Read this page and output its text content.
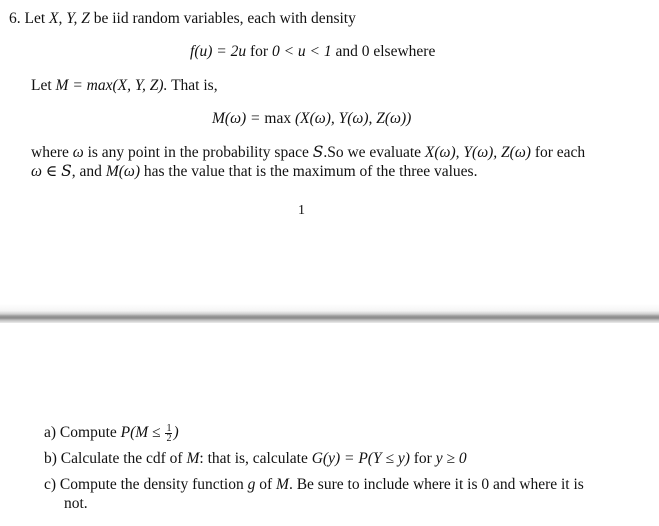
6. Let X, Y, Z be iid random variables, each with density
f(u) = 2u for 0 < u < 1 and 0 elsewhere
Let M = max(X, Y, Z). That is,
M(ω) = max (X(ω), Y(ω), Z(ω))
where ω is any point in the probability space S.So we evaluate X(ω), Y(ω), Z(ω) for each
ω ∈ S, and M(ω) has the value that is the maximum of the three values.
1
a) Compute $P(M \le \frac{1}{2}$ )
b) Calculate the cdf of M: that is, calculate G(y) = P(Y ≤ y) for y ≥ 0
c) Compute the density function g of M. Be sure to include where it is 0 and where it is
not.
